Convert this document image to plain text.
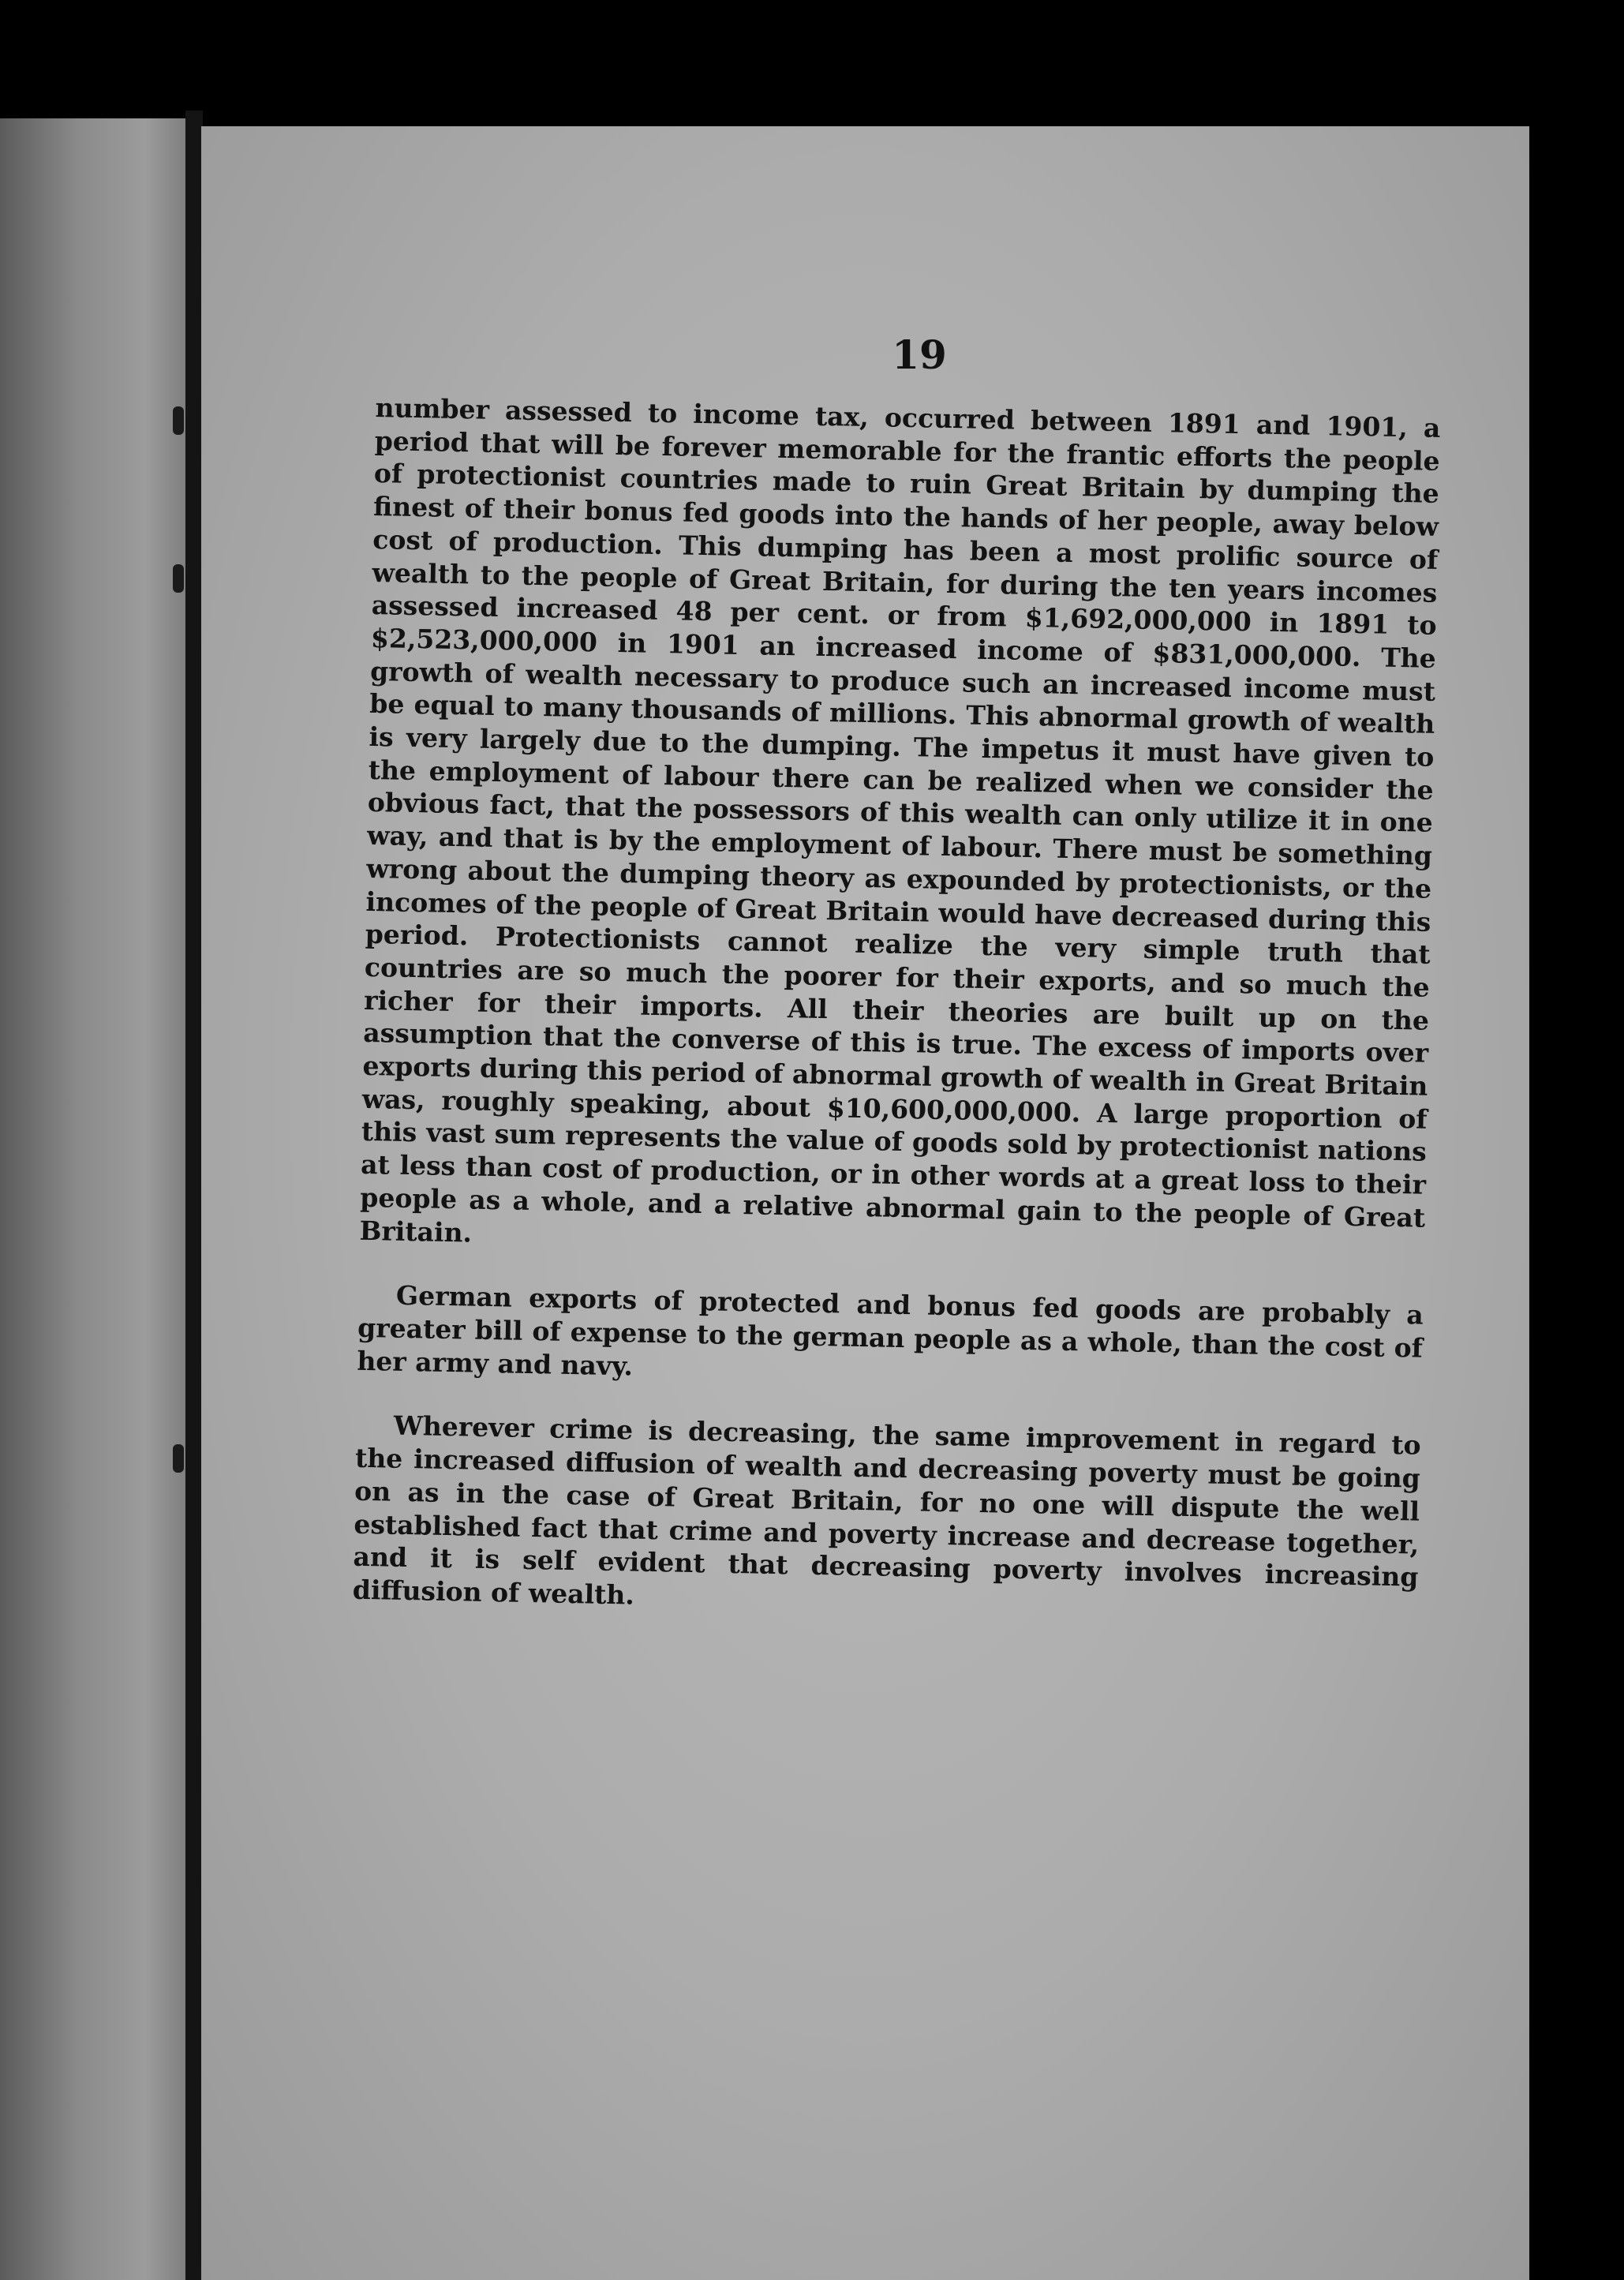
19

number assessed to income tax, occurred between 1891 and 1901, a period that will be forever memorable for the frantic efforts the people of protectionist countries made to ruin Great Britain by dumping the finest of their bonus fed goods into the hands of her people, away below cost of production. This dumping has been a most prolific source of wealth to the people of Great Britain, for during the ten years incomes assessed increased 48 per cent. or from $1,692,000,000 in 1891 to $2,523,000,000 in 1901 an increased income of $831,000,000. The growth of wealth necessary to produce such an increased income must be equal to many thousands of millions. This abnormal growth of wealth is very largely due to the dumping. The impetus it must have given to the employment of labour there can be realized when we consider the obvious fact, that the possessors of this wealth can only utilize it in one way, and that is by the employment of labour. There must be something wrong about the dumping theory as expounded by protectionists, or the incomes of the people of Great Britain would have decreased during this period. Protectionists cannot realize the very simple truth that countries are so much the poorer for their exports, and so much the richer for their imports. All their theories are built up on the assumption that the converse of this is true. The excess of imports over exports during this period of abnormal growth of wealth in Great Britain was, roughly speaking, about $10,600,000,000. A large proportion of this vast sum represents the value of goods sold by protectionist nations at less than cost of production, or in other words at a great loss to their people as a whole, and a relative abnormal gain to the people of Great Britain.

German exports of protected and bonus fed goods are probably a greater bill of expense to the german people as a whole, than the cost of her army and navy.

Wherever crime is decreasing, the same improvement in regard to the increased diffusion of wealth and decreasing poverty must be going on as in the case of Great Britain, for no one will dispute the well established fact that crime and poverty increase and decrease together, and it is self evident that decreasing poverty involves increasing diffusion of wealth.
